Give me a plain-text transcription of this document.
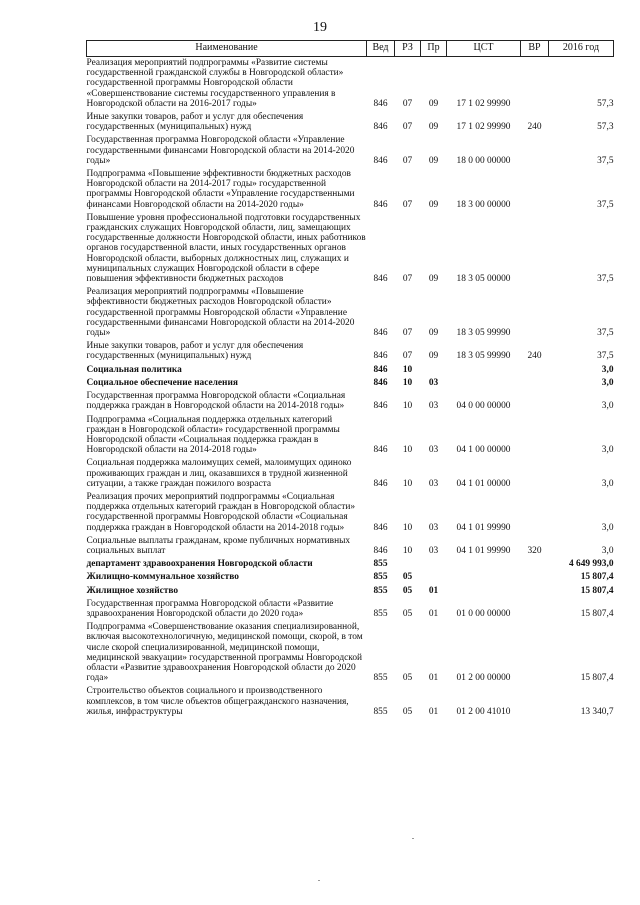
19
Наименование	Вед	РЗ	Пр	ЦСТ	ВР	2016 год
Реализация мероприятий подпрограммы «Развитие системы государственной гражданской службы в Новгородской области» государственной программы Новгородской области «Совершенствование системы государственного управления в Новгородской области на 2016-2017 годы»	846	07	09	17 1 02 99990		57,3
Иные закупки товаров, работ и услуг для обеспечения государственных (муниципальных) нужд	846	07	09	17 1 02 99990	240	57,3
Государственная программа Новгородской области «Управление государственными финансами Новгородской области на 2014-2020 годы»	846	07	09	18 0 00 00000		37,5
Подпрограмма «Повышение эффективности бюджетных расходов Новгородской области на 2014-2017 годы» государственной программы Новгородской области «Управление государственными финансами Новгородской области на 2014-2020 годы»	846	07	09	18 3 00 00000		37,5
Повышение уровня профессиональной подготовки государственных гражданских служащих Новгородской области, лиц, замещающих государственные должности Новгородской области, иных работников органов государственной власти, иных государственных органов Новгородской области, выборных должностных лиц, служащих и муниципальных служащих Новгородской области в сфере повышения эффективности бюджетных расходов	846	07	09	18 3 05 00000		37,5
Реализация мероприятий подпрограммы «Повышение эффективности бюджетных расходов Новгородской области» государственной программы Новгородской области «Управление государственными финансами Новгородской области на 2014-2020 годы»	846	07	09	18 3 05 99990		37,5
Иные закупки товаров, работ и услуг для обеспечения государственных (муниципальных) нужд	846	07	09	18 3 05 99990	240	37,5
Социальная политика	846	10				3,0
Социальное обеспечение населения	846	10	03			3,0
Государственная программа Новгородской области «Социальная поддержка граждан в Новгородской области на 2014-2018 годы»	846	10	03	04 0 00 00000		3,0
Подпрограмма «Социальная поддержка отдельных категорий граждан в Новгородской области» государственной программы Новгородской области «Социальная поддержка граждан в Новгородской области на 2014-2018 годы»	846	10	03	04 1 00 00000		3,0
Социальная поддержка малоимущих семей, малоимущих одиноко проживающих граждан и лиц, оказавшихся в трудной жизненной ситуации, а также граждан пожилого возраста	846	10	03	04 1 01 00000		3,0
Реализация прочих мероприятий подпрограммы «Социальная поддержка отдельных категорий граждан в Новгородской области» государственной программы Новгородской области «Социальная поддержка граждан в Новгородской области на 2014-2018 годы»	846	10	03	04 1 01 99990		3,0
Социальные выплаты гражданам, кроме публичных нормативных социальных выплат	846	10	03	04 1 01 99990	320	3,0
департамент здравоохранения Новгородской области	855					4 649 993,0
Жилищно-коммунальное хозяйство	855	05				15 807,4
Жилищное хозяйство	855	05	01			15 807,4
Государственная программа Новгородской области «Развитие здравоохранения Новгородской области до 2020 года»	855	05	01	01 0 00 00000		15 807,4
Подпрограмма «Совершенствование оказания специализированной, включая высокотехнологичную, медицинской помощи, скорой, в том числе скорой специализированной, медицинской помощи, медицинской эвакуации» государственной программы Новгородской области «Развитие здравоохранения Новгородской области до 2020 года»	855	05	01	01 2 00 00000		15 807,4
Строительство объектов социального и производственного комплексов, в том числе объектов общегражданского назначения, жилья, инфраструктуры	855	05	01	01 2 00 41010		13 340,7
